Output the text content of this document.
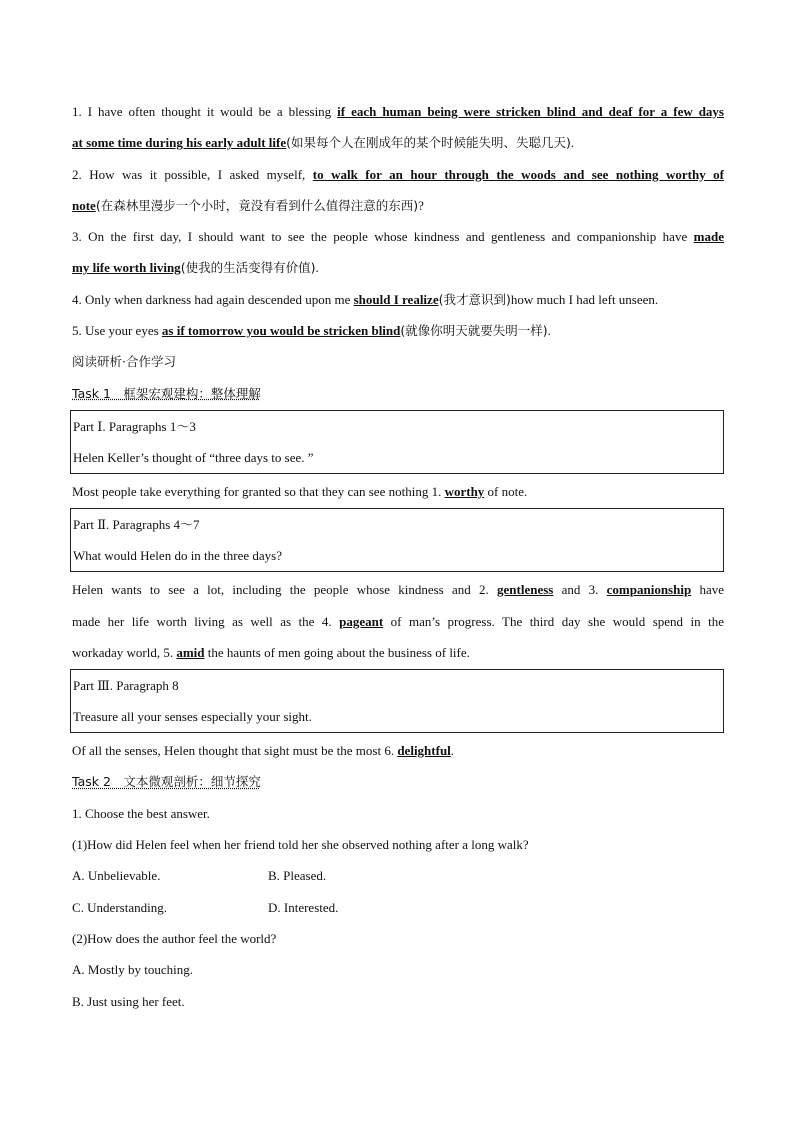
1. I have often thought it would be a blessing if each human being were stricken blind and deaf for a few days
at some time during his early adult life(如果每个人在刚成年的某个时候能失明、失聪几天).
2. How was it possible, I asked myself, to walk for an hour through the woods and see nothing worthy of
note(在森林里漫步一个小时，竟没有看到什么值得注意的东西)?
3. On the first day, I should want to see the people whose kindness and gentleness and companionship have made
my life worth living(使我的生活变得有价值).
4. Only when darkness had again descended upon me should I realize(我才意识到)how much I had left unseen.
5. Use your eyes as if tomorrow you would be stricken blind(就像你明天就要失明一样).
阅读研析·合作学习
Task 1　框架宏观建构：整体理解
Part Ⅰ. Paragraphs 1～3
Helen Keller’s thought of “three days to see. ”
Most people take everything for granted so that they can see nothing 1. worthy of note.
Part Ⅱ. Paragraphs 4～7
What would Helen do in the three days?
Helen wants to see a lot, including the people whose kindness and 2. gentleness and 3. companionship have
made her life worth living as well as the 4. pageant of man’s progress. The third day she would spend in the
workaday world, 5. amid the haunts of men going about the business of life.
Part Ⅲ. Paragraph 8
Treasure all your senses especially your sight.
Of all the senses, Helen thought that sight must be the most 6. delightful.
Task 2　文本微观剖析：细节探究
1. Choose the best answer.
(1)How did Helen feel when her friend told her she observed nothing after a long walk?
A. Unbelievable.	B. Pleased.
C. Understanding.	D. Interested.
(2)How does the author feel the world?
A. Mostly by touching.
B. Just using her feet.
